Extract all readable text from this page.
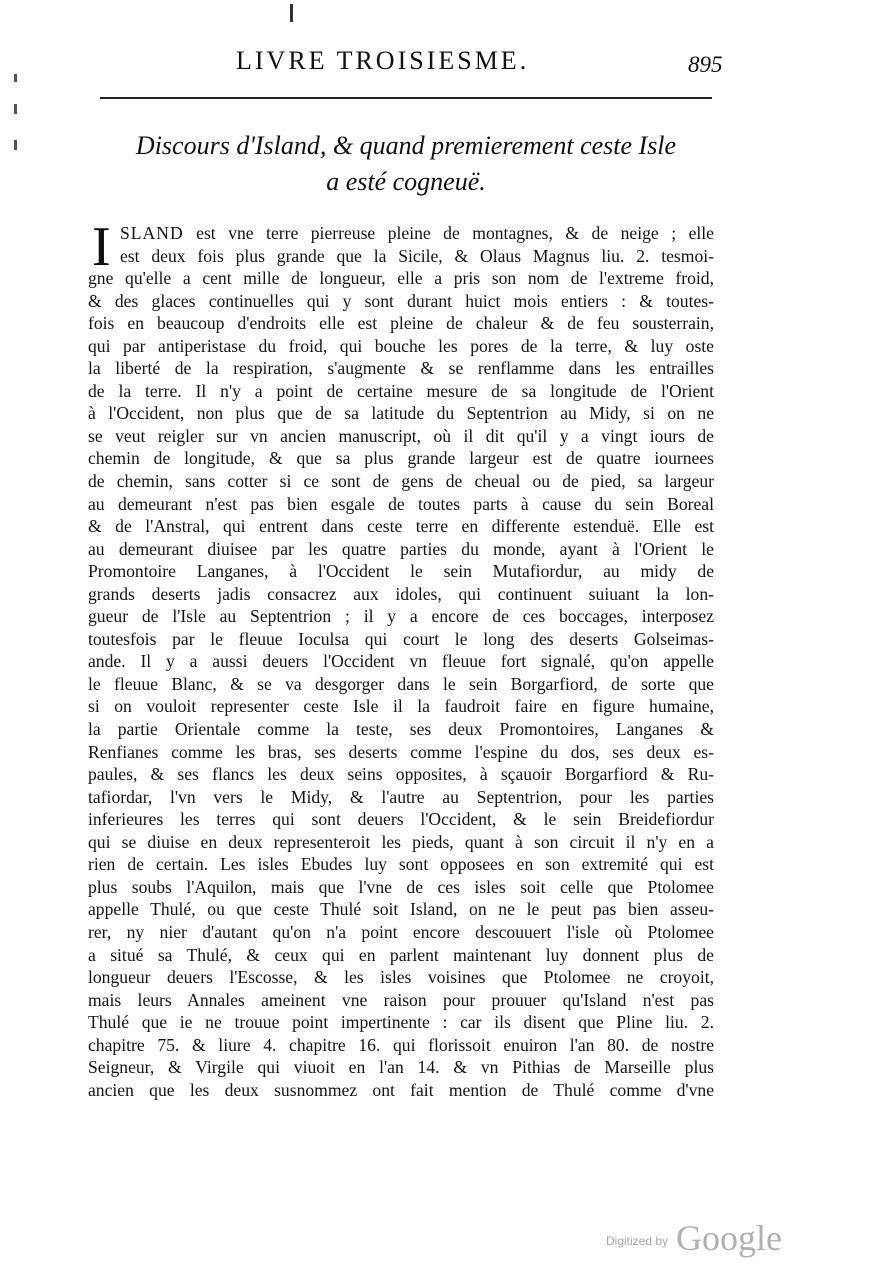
LIVRE TROISIESME.	895
Discours d'Island, & quand premierement ceste Isle
a esté cogneuë.
I SLAND est vne terre pierreuse pleine de montagnes, & de neige ; elle
est deux fois plus grande que la Sicile, & Olaus Magnus liu. 2. tesmoi-
gne qu'elle a cent mille de longueur, elle a pris son nom de l'extreme froid,
& des glaces continuelles qui y sont durant huict mois entiers : & toutes-
fois en beaucoup d'endroits elle est pleine de chaleur & de feu sousterrain,
qui par antiperistase du froid, qui bouche les pores de la terre, & luy oste
la liberté de la respiration, s'augmente & se renflamme dans les entrailles
de la terre. Il n'y a point de certaine mesure de sa longitude de l'Orient
à l'Occident, non plus que de sa latitude du Septentrion au Midy, si on ne
se veut reigler sur vn ancien manuscript, où il dit qu'il y a vingt iours de
chemin de longitude, & que sa plus grande largeur est de quatre iournees
de chemin, sans cotter si ce sont de gens de cheual ou de pied, sa largeur
au demeurant n'est pas bien esgale de toutes parts à cause du sein Boreal
& de l'Anstral, qui entrent dans ceste terre en differente estenduë. Elle est
au demeurant diuisee par les quatre parties du monde, ayant à l'Orient le
Promontoire Langanes, à l'Occident le sein Mutafiordur, au midy de
grands deserts jadis consacrez aux idoles, qui continuent suiuant la lon-
gueur de l'Isle au Septentrion ; il y a encore de ces boccages, interposez
toutesfois par le fleuue Ioculsa qui court le long des deserts Golseimas-
ande. Il y a aussi deuers l'Occident vn fleuue fort signalé, qu'on appelle
le fleuue Blanc, & se va desgorger dans le sein Borgarfiord, de sorte que
si on vouloit representer ceste Isle il la faudroit faire en figure humaine,
la partie Orientale comme la teste, ses deux Promontoires, Langanes &
Renfianes comme les bras, ses deserts comme l'espine du dos, ses deux es-
paules, & ses flancs les deux seins opposites, à sçauoir Borgarfiord & Ru-
tafiordar, l'vn vers le Midy, & l'autre au Septentrion, pour les parties
inferieures les terres qui sont deuers l'Occident, & le sein Breidefiordur
qui se diuise en deux representeroit les pieds, quant à son circuit il n'y en a
rien de certain. Les isles Ebudes luy sont opposees en son extremité qui est
plus soubs l'Aquilon, mais que l'vne de ces isles soit celle que Ptolomee
appelle Thulé, ou que ceste Thulé soit Island, on ne le peut pas bien asseu-
rer, ny nier d'autant qu'on n'a point encore descouuert l'isle où Ptolomee
a situé sa Thulé, & ceux qui en parlent maintenant luy donnent plus de
longueur deuers l'Escosse, & les isles voisines que Ptolomee ne croyoit,
mais leurs Annales ameinent vne raison pour prouuer qu'Island n'est pas
Thulé que ie ne trouue point impertinente : car ils disent que Pline liu. 2.
chapitre 75. & liure 4. chapitre 16. qui florissoit enuiron l'an 80. de nostre
Seigneur, & Virgile qui viuoit en l'an 14. & vn Pithias de Marseille plus
ancien que les deux susnommez ont fait mention de Thulé comme d'vne
Digitized by Google
